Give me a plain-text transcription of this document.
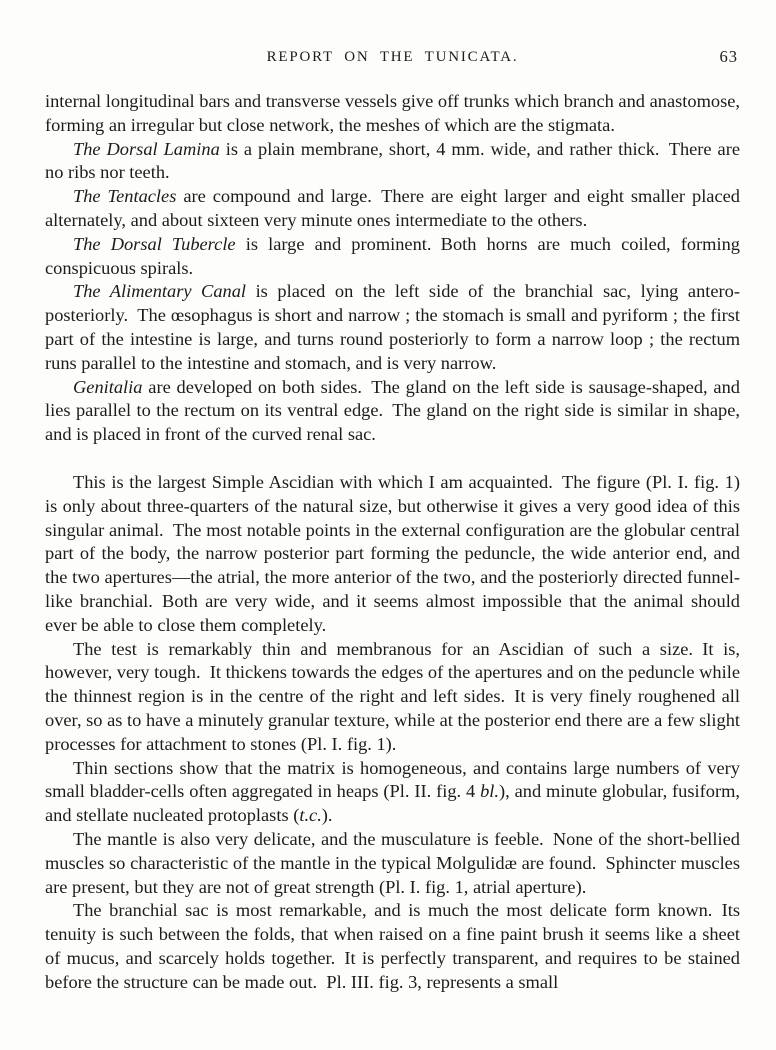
REPORT ON THE TUNICATA.	63

internal longitudinal bars and transverse vessels give off trunks which branch and anastomose, forming an irregular but close network, the meshes of which are the stigmata.

The Dorsal Lamina is a plain membrane, short, 4 mm. wide, and rather thick. There are no ribs nor teeth.

The Tentacles are compound and large. There are eight larger and eight smaller placed alternately, and about sixteen very minute ones intermediate to the others.

The Dorsal Tubercle is large and prominent. Both horns are much coiled, forming conspicuous spirals.

The Alimentary Canal is placed on the left side of the branchial sac, lying antero-posteriorly. The œsophagus is short and narrow ; the stomach is small and pyriform ; the first part of the intestine is large, and turns round posteriorly to form a narrow loop ; the rectum runs parallel to the intestine and stomach, and is very narrow.

Genitalia are developed on both sides. The gland on the left side is sausage-shaped, and lies parallel to the rectum on its ventral edge. The gland on the right side is similar in shape, and is placed in front of the curved renal sac.

This is the largest Simple Ascidian with which I am acquainted. The figure (Pl. I. fig. 1) is only about three-quarters of the natural size, but otherwise it gives a very good idea of this singular animal. The most notable points in the external configuration are the globular central part of the body, the narrow posterior part forming the peduncle, the wide anterior end, and the two apertures—the atrial, the more anterior of the two, and the posteriorly directed funnel-like branchial. Both are very wide, and it seems almost impossible that the animal should ever be able to close them completely.

The test is remarkably thin and membranous for an Ascidian of such a size. It is, however, very tough. It thickens towards the edges of the apertures and on the peduncle while the thinnest region is in the centre of the right and left sides. It is very finely roughened all over, so as to have a minutely granular texture, while at the posterior end there are a few slight processes for attachment to stones (Pl. I. fig. 1).

Thin sections show that the matrix is homogeneous, and contains large numbers of very small bladder-cells often aggregated in heaps (Pl. II. fig. 4 bl.), and minute globular, fusiform, and stellate nucleated protoplasts (t.c.).

The mantle is also very delicate, and the musculature is feeble. None of the short-bellied muscles so characteristic of the mantle in the typical Molgulidæ are found. Sphincter muscles are present, but they are not of great strength (Pl. I. fig. 1, atrial aperture).

The branchial sac is most remarkable, and is much the most delicate form known. Its tenuity is such between the folds, that when raised on a fine paint brush it seems like a sheet of mucus, and scarcely holds together. It is perfectly transparent, and requires to be stained before the structure can be made out. Pl. III. fig. 3, represents a small
